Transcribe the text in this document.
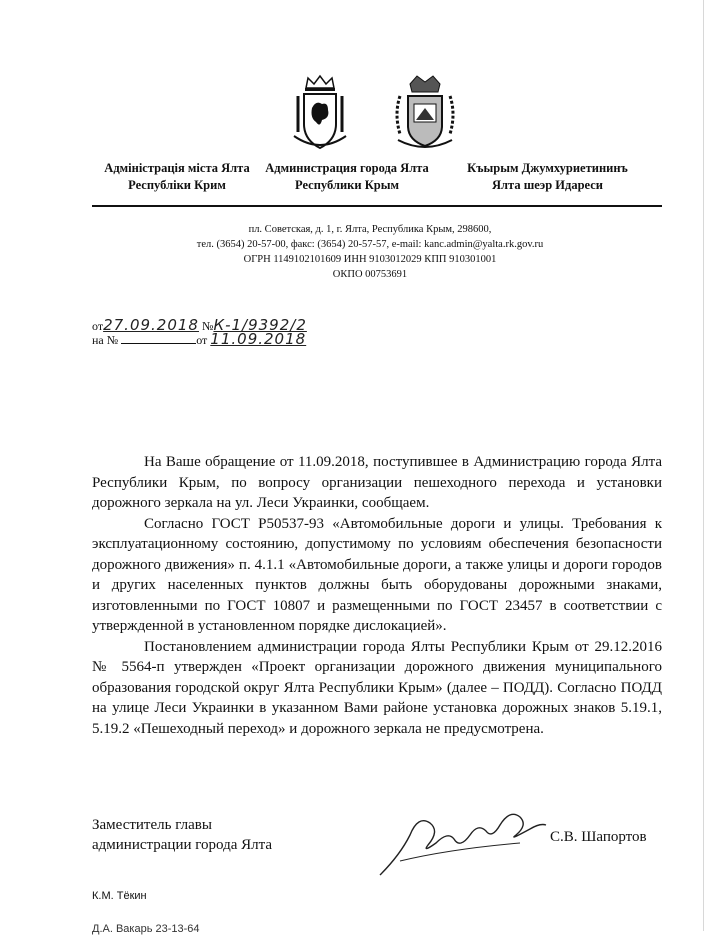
Адміністрація міста Ялта
Республіки Крим
Администрация города Ялта
Республики Крым
Къырым Джумхуриетининъ
Ялта шеэр Идареси
пл. Советская, д. 1, г. Ялта, Республика Крым, 298600,
тел. (3654) 20-57-00, факс: (3654) 20-57-57, e-mail: kanc.admin@yalta.rk.gov.ru
ОГРН 1149102101609 ИНН 9103012029 КПП 910301001
ОКПО 00753691
от27.09.2018 №К-1/9392/2
на №	от 11.09.2018

На Ваше обращение от 11.09.2018, поступившее в Администрацию города Ялта Республики Крым, по вопросу организации пешеходного перехода и установки дорожного зеркала на ул. Леси Украинки, сообщаем.

Согласно ГОСТ Р50537-93 «Автомобильные дороги и улицы. Требования к эксплуатационному состоянию, допустимому по условиям обеспечения безопасности дорожного движения» п. 4.1.1 «Автомобильные дороги, а также улицы и дороги городов и других населенных пунктов должны быть оборудованы дорожными знаками, изготовленными по ГОСТ 10807 и размещенными по ГОСТ 23457 в соответствии с утвержденной в установленном порядке дислокацией».

Постановлением администрации города Ялты Республики Крым от 29.12.2016 № 5564-п утвержден «Проект организации дорожного движения муниципального образования городской округ Ялта Республики Крым» (далее – ПОДД). Согласно ПОДД на улице Леси Украинки в указанном Вами районе установка дорожных знаков 5.19.1, 5.19.2 «Пешеходный переход» и дорожного зеркала не предусмотрена.

Заместитель главы
администрации города Ялта	С.В. Шапортов
К.М. Тёкин
Д.А. Вакарь 23-13-64
